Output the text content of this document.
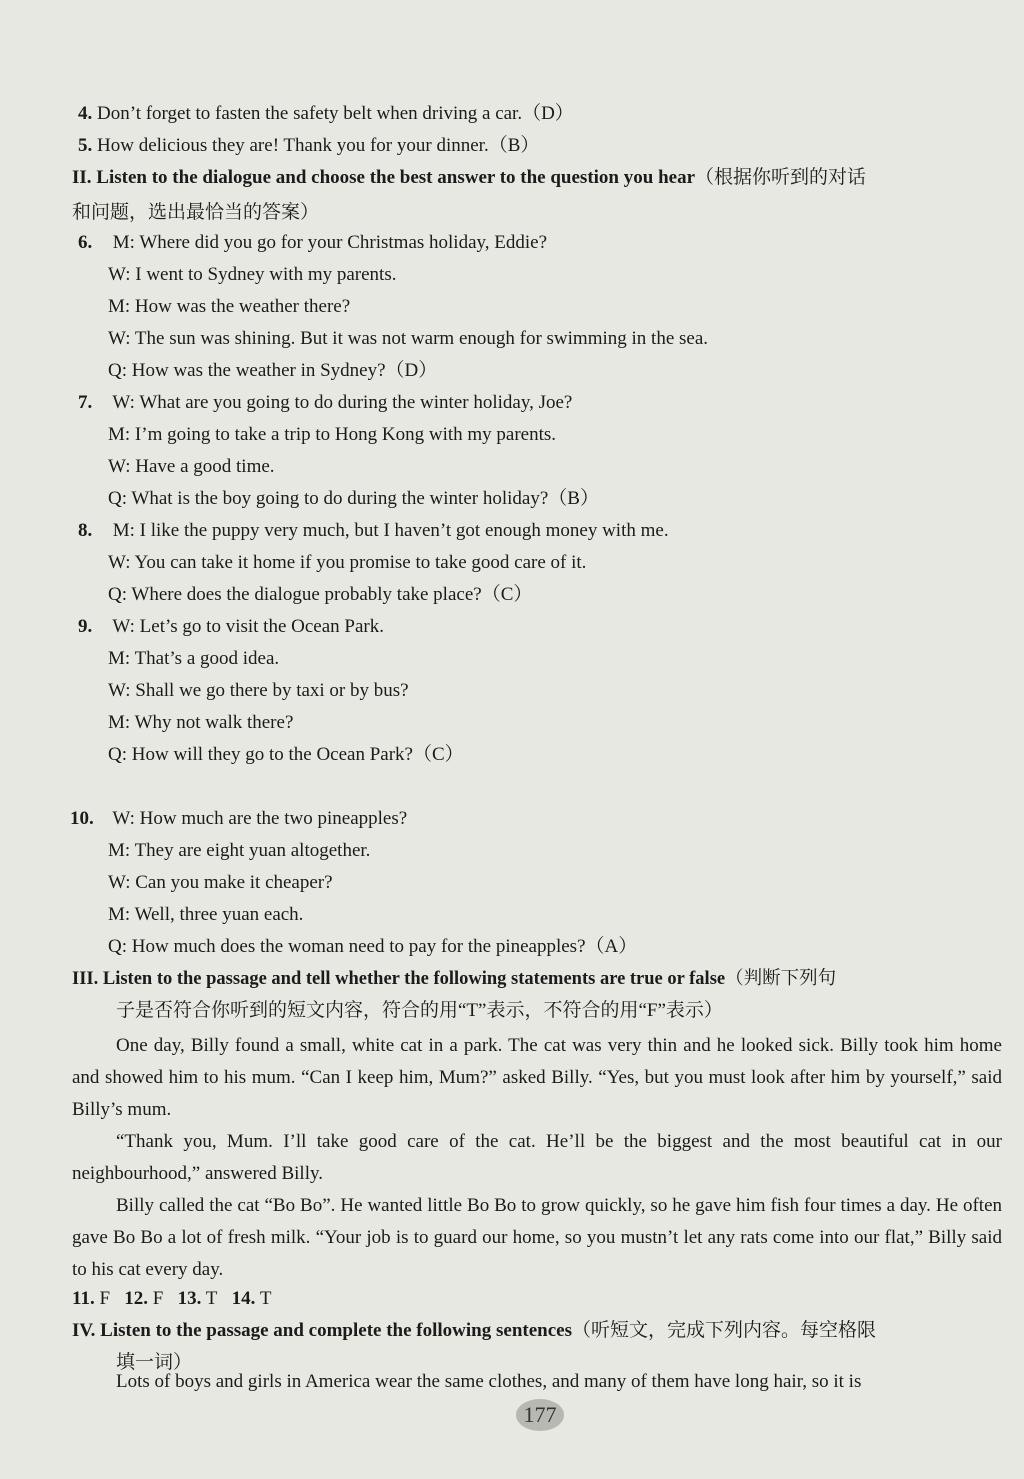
4. Don’t forget to fasten the safety belt when driving a car.（D）
5. How delicious they are! Thank you for your dinner.（B）
II. Listen to the dialogue and choose the best answer to the question you hear（根据你听到的对话
和问题，选出最恰当的答案）
6. M: Where did you go for your Christmas holiday, Eddie?
W: I went to Sydney with my parents.
M: How was the weather there?
W: The sun was shining. But it was not warm enough for swimming in the sea.
Q: How was the weather in Sydney?（D）
7. W: What are you going to do during the winter holiday, Joe?
M: I’m going to take a trip to Hong Kong with my parents.
W: Have a good time.
Q: What is the boy going to do during the winter holiday?（B）
8. M: I like the puppy very much, but I haven’t got enough money with me.
W: You can take it home if you promise to take good care of it.
Q: Where does the dialogue probably take place?（C）
9. W: Let’s go to visit the Ocean Park.
M: That’s a good idea.
W: Shall we go there by taxi or by bus?
M: Why not walk there?
Q: How will they go to the Ocean Park?（C）
10. W: How much are the two pineapples?
M: They are eight yuan altogether.
W: Can you make it cheaper?
M: Well, three yuan each.
Q: How much does the woman need to pay for the pineapples?（A）
III. Listen to the passage and tell whether the following statements are true or false（判断下列句
子是否符合你听到的短文内容，符合的用“T”表示，不符合的用“F”表示）
One day, Billy found a small, white cat in a park. The cat was very thin and he looked sick. Billy took him home and showed him to his mum. “Can I keep him, Mum?” asked Billy. “Yes, but you must look after him by yourself,” said Billy’s mum.
“Thank you, Mum. I’ll take good care of the cat. He’ll be the biggest and the most beautiful cat in our neighbourhood,” answered Billy.
Billy called the cat “Bo Bo”. He wanted little Bo Bo to grow quickly, so he gave him fish four times a day. He often gave Bo Bo a lot of fresh milk. “Your job is to guard our home, so you mustn’t let any rats come into our flat,” Billy said to his cat every day.
11. F 12. F 13. T 14. T
IV. Listen to the passage and complete the following sentences（听短文，完成下列内容。每空格限
填一词）
Lots of boys and girls in America wear the same clothes, and many of them have long hair, so it is
177
